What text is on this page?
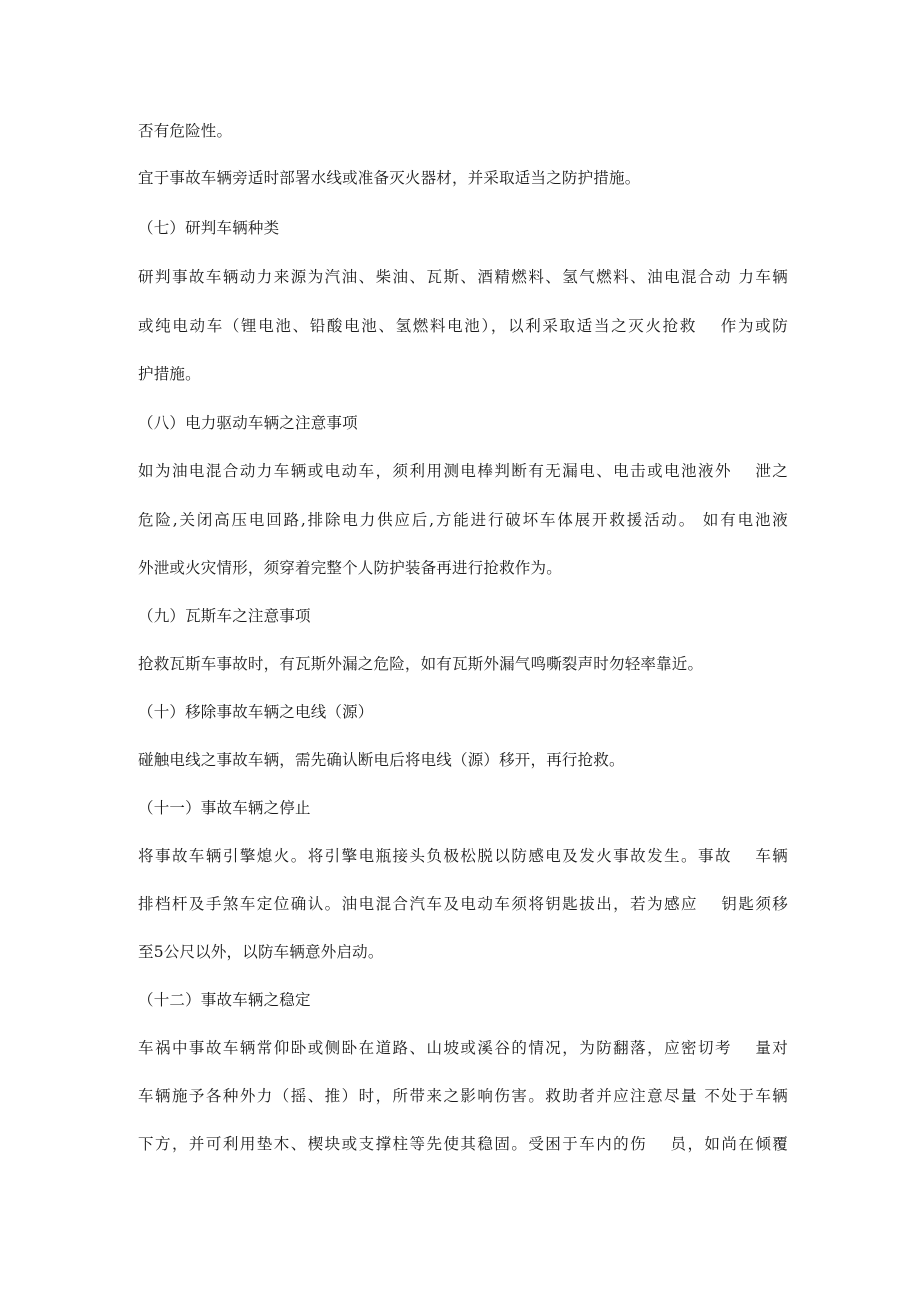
否有危险性。
宜于事故车辆旁适时部署水线或准备灭火器材，并采取适当之防护措施。
（七）研判车辆种类
研判事故车辆动力来源为汽油、柴油、瓦斯、酒精燃料、氢气燃料、油电混合动 力车辆
或纯电动车（锂电池、铅酸电池、氢燃料电池），以利采取适当之灭火抢救　 作为或防
护措施。
（八）电力驱动车辆之注意事项
如为油电混合动力车辆或电动车，须利用测电棒判断有无漏电、电击或电池液外　 泄之
危险,关闭高压电回路,排除电力供应后,方能进行破坏车体展开救援活动。 如有电池液
外泄或火灾情形，须穿着完整个人防护装备再进行抢救作为。
（九）瓦斯车之注意事项
抢救瓦斯车事故时，有瓦斯外漏之危险，如有瓦斯外漏气鸣嘶裂声时勿轻率靠近。
（十）移除事故车辆之电线（源）
碰触电线之事故车辆，需先确认断电后将电线（源）移开，再行抢救。
（十一）事故车辆之停止
将事故车辆引擎熄火。将引擎电瓶接头负极松脱以防感电及发火事故发生。事故　 车辆
排档杆及手煞车定位确认。油电混合汽车及电动车须将钥匙拔出，若为感应　 钥匙须移
至5公尺以外，以防车辆意外启动。
（十二）事故车辆之稳定
车祸中事故车辆常仰卧或侧卧在道路、山坡或溪谷的情况，为防翻落，应密切考　 量对
车辆施予各种外力（摇、推）时，所带来之影响伤害。救助者并应注意尽量 不处于车辆
下方，并可利用垫木、楔块或支撑柱等先使其稳固。受困于车内的伤　 员，如尚在倾覆
